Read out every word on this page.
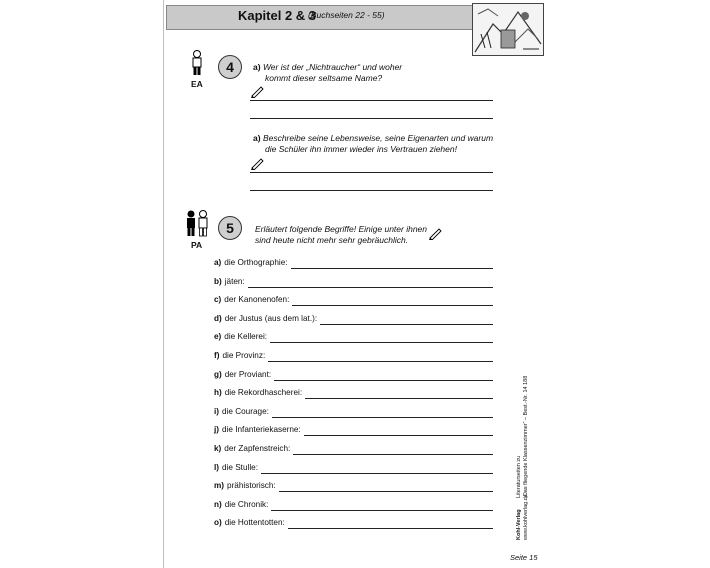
Kapitel 2 & 3
(Buchseiten 22 - 55)
EA
4	a) Wer ist der „Nichtraucher“ und woher
kommt dieser seltsame Name?
a) Beschreibe seine Lebensweise, seine Eigenarten und warum
die Schüler ihn immer wieder ins Vertrauen ziehen!
PA
5	Erläutert folgende Begriffe! Einige unter ihnen
sind heute nicht mehr sehr gebräuchlich.
a) die Orthographie:
b) jäten:
c) der Kanonenofen:
d) der Justus (aus dem lat.):
e) die Kellerei:
f) die Provinz:
g) der Proviant:
h) die Rekordhascherei:
i) die Courage:
j) die Infanteriekaserne:
k) der Zapfenstreich:
l) die Stulle:
m) prähistorisch:
n) die Chronik:
o) die Hottentotten:
Literaturseiten zu „Das fliegende Klassenzimmer“ – Best.-Nr. 14 188
Kohl-Verlag www.kohlverlag.de
Seite 15
